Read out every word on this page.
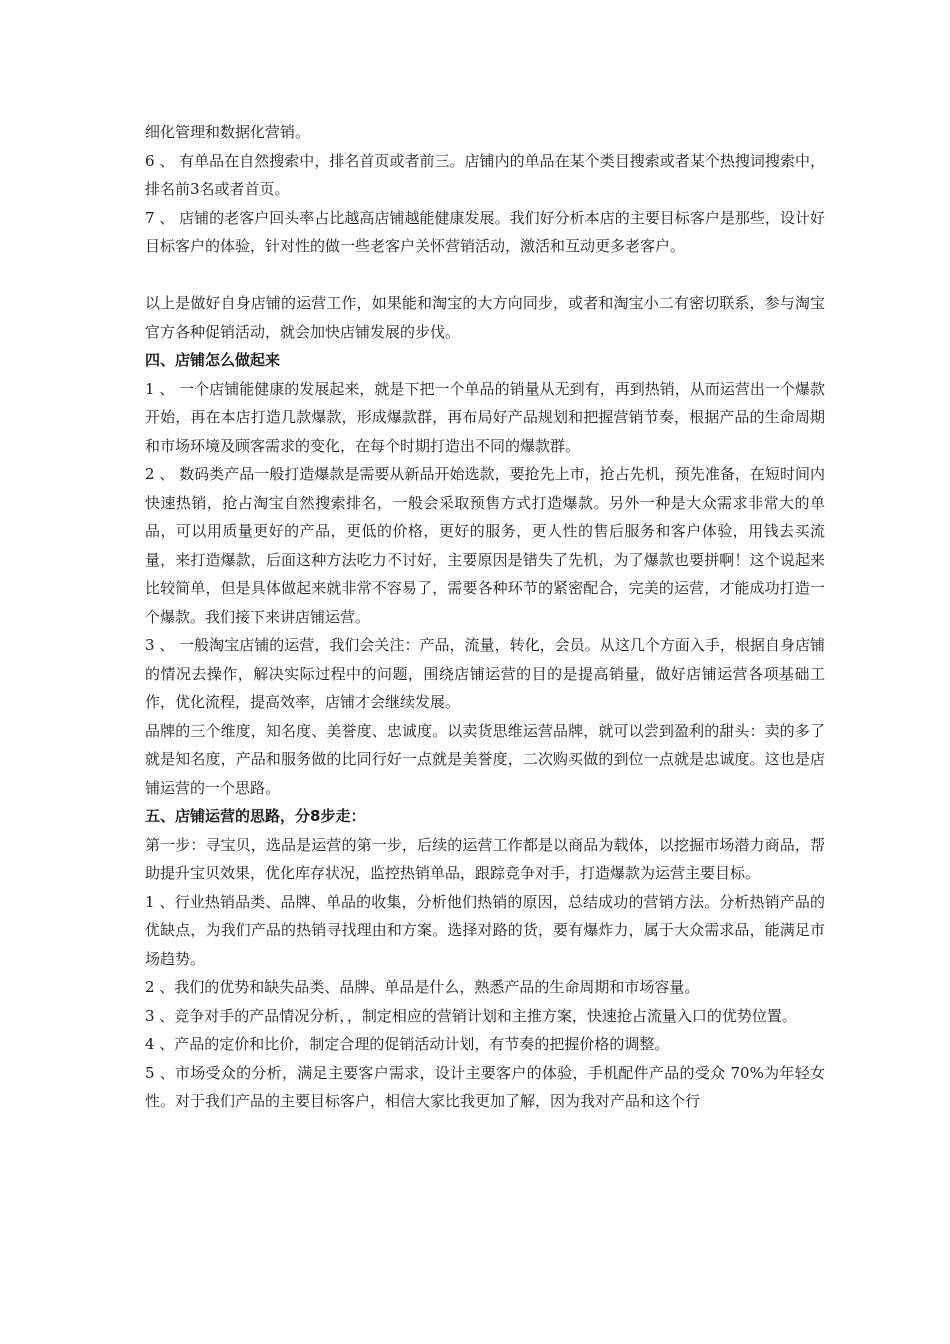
细化管理和数据化营销。

6 、 有单品在自然搜索中，排名首页或者前三。店铺内的单品在某个类目搜索或者某个热搜词搜索中，排名前3名或者首页。

7 、 店铺的老客户回头率占比越高店铺越能健康发展。我们好分析本店的主要目标客户是那些，设计好目标客户的体验，针对性的做一些老客户关怀营销活动，激活和互动更多老客户。

以上是做好自身店铺的运营工作，如果能和淘宝的大方向同步，或者和淘宝小二有密切联系，参与淘宝官方各种促销活动，就会加快店铺发展的步伐。

四、店铺怎么做起来

1 、 一个店铺能健康的发展起来，就是下把一个单品的销量从无到有，再到热销，从而运营出一个爆款开始，再在本店打造几款爆款，形成爆款群，再布局好产品规划和把握营销节奏，根据产品的生命周期和市场环境及顾客需求的变化，在每个时期打造出不同的爆款群。

2 、 数码类产品一般打造爆款是需要从新品开始选款，要抢先上市，抢占先机，预先准备，在短时间内快速热销，抢占淘宝自然搜索排名，一般会采取预售方式打造爆款。另外一种是大众需求非常大的单品，可以用质量更好的产品，更低的价格，更好的服务，更人性的售后服务和客户体验，用钱去买流量，来打造爆款，后面这种方法吃力不讨好，主要原因是错失了先机，为了爆款也要拼啊！这个说起来比较简单，但是具体做起来就非常不容易了，需要各种环节的紧密配合，完美的运营，才能成功打造一个爆款。我们接下来讲店铺运营。

3 、 一般淘宝店铺的运营，我们会关注：产品，流量，转化，会员。从这几个方面入手，根据自身店铺的情况去操作，解决实际过程中的问题，围绕店铺运营的目的是提高销量，做好店铺运营各项基础工作，优化流程，提高效率，店铺才会继续发展。

品牌的三个维度，知名度、美誉度、忠诚度。以卖货思维运营品牌，就可以尝到盈利的甜头：卖的多了就是知名度，产品和服务做的比同行好一点就是美誉度，二次购买做的到位一点就是忠诚度。这也是店铺运营的一个思路。

五、店铺运营的思路，分8步走：

第一步：寻宝贝，选品是运营的第一步，后续的运营工作都是以商品为载体，以挖掘市场潜力商品，帮助提升宝贝效果，优化库存状况，监控热销单品，跟踪竞争对手，打造爆款为运营主要目标。

1 、行业热销品类、品牌、单品的收集，分析他们热销的原因，总结成功的营销方法。分析热销产品的优缺点，为我们产品的热销寻找理由和方案。选择对路的货，要有爆炸力，属于大众需求品，能满足市场趋势。

2 、我们的优势和缺失品类、品牌、单品是什么，熟悉产品的生命周期和市场容量。

3 、竞争对手的产品情况分析，，制定相应的营销计划和主推方案，快速抢占流量入口的优势位置。

4 、产品的定价和比价，制定合理的促销活动计划，有节奏的把握价格的调整。

5 、市场受众的分析，满足主要客户需求，设计主要客户的体验，手机配件产品的受众 70%为年轻女性。对于我们产品的主要目标客户，相信大家比我更加了解，因为我对产品和这个行
